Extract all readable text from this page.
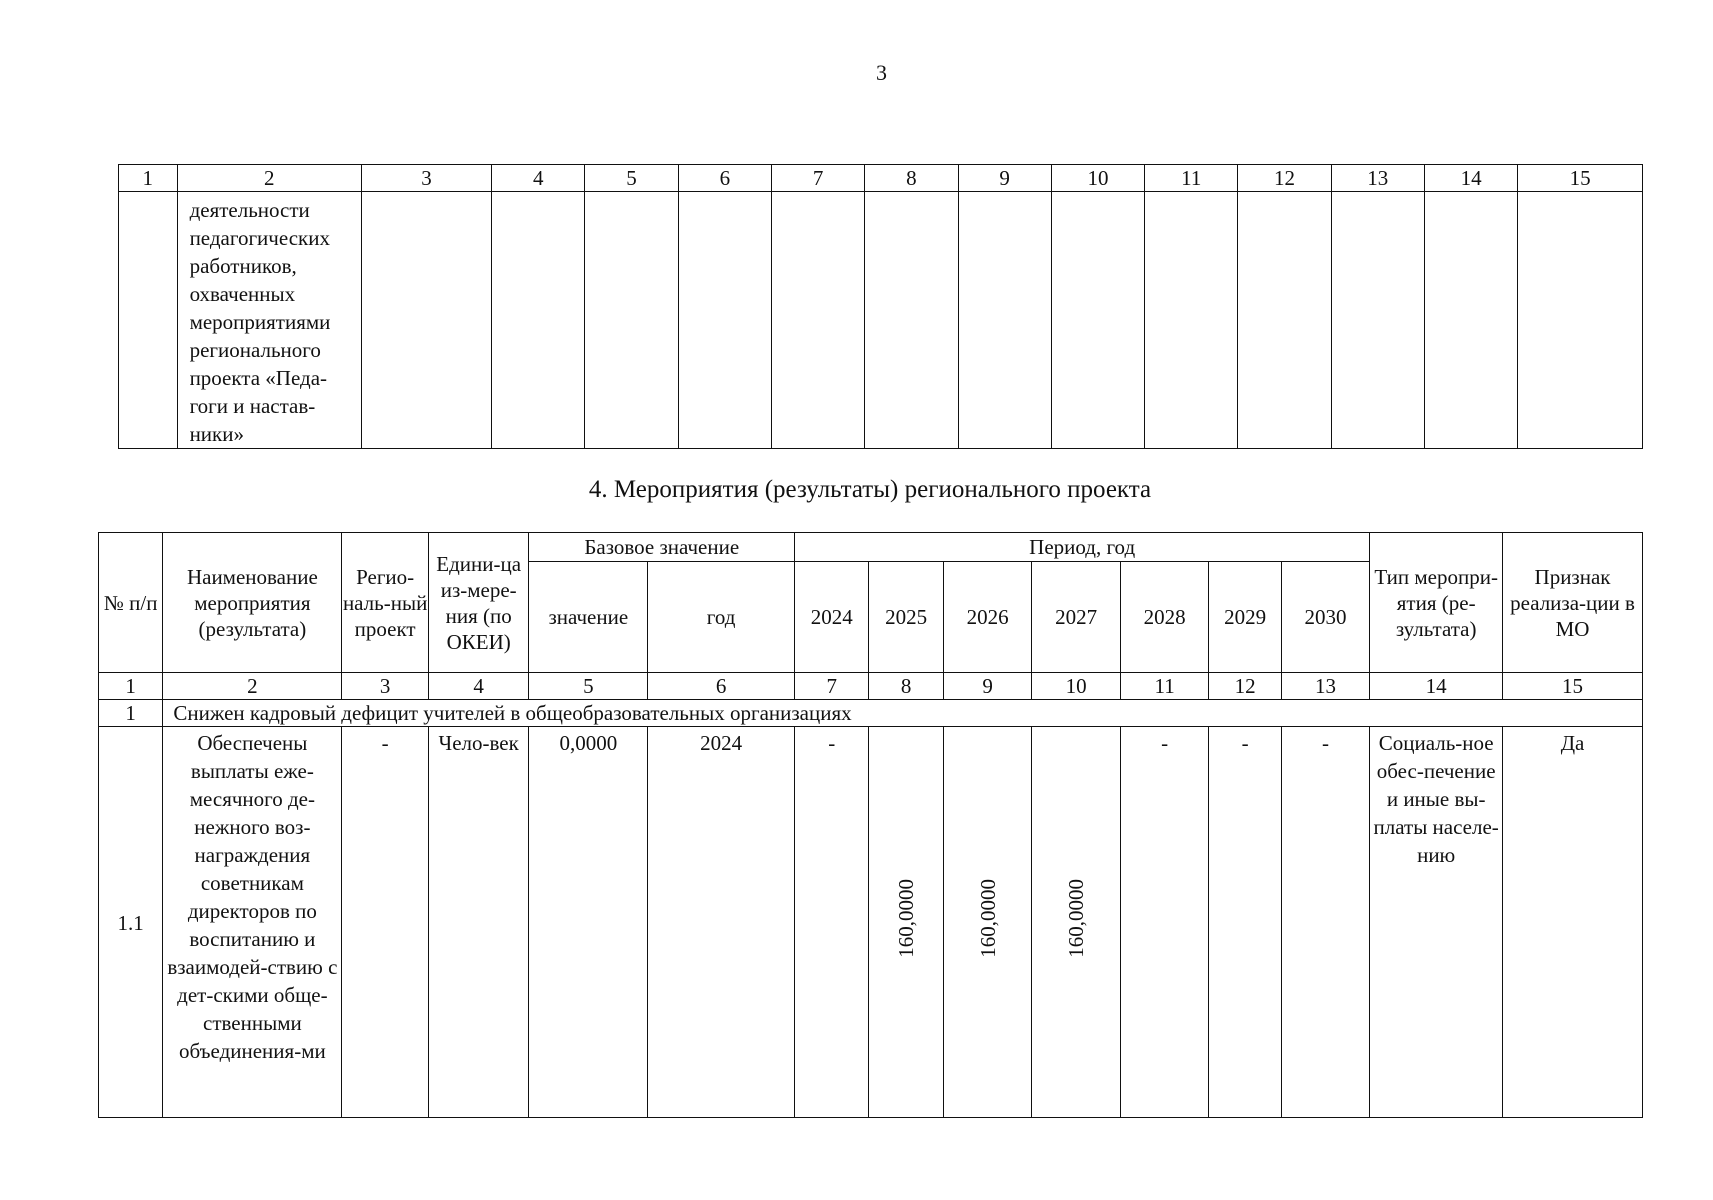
3
1	2	3	4	5	6	7	8	9	10	11	12	13	14	15
	деятельности педагогических работников, охваченных мероприятиями регионального проекта «Педа-гоги и настав-ники»													
4. Мероприятия (результаты) регионального проекта
№ п/п	Наименование мероприятия (результата)	Регио-наль-ный проект	Едини-ца из-мере-ния (по ОКЕИ)	Базовое значение		Период, год							Тип меропри-ятия (ре-зультата)	Признак реализа-ции в МО
				значение	год	2024	2025	2026	2027	2028	2029	2030		
1	2	3	4	5	6	7	8	9	10	11	12	13	14	15
1	Снижен кадровый дефицит учителей в общеобразовательных организациях													
1.1	Обеспечены выплаты еже-месячного де-нежного воз-награждения советникам директоров по воспитанию и взаимодей-ствию с дет-скими обще-ственными объединения-ми	-	Чело-век	0,0000	2024	-	160,0000	160,0000	160,0000	-	-	-	Социаль-ное обес-печение и иные вы-платы населе-нию	Да
